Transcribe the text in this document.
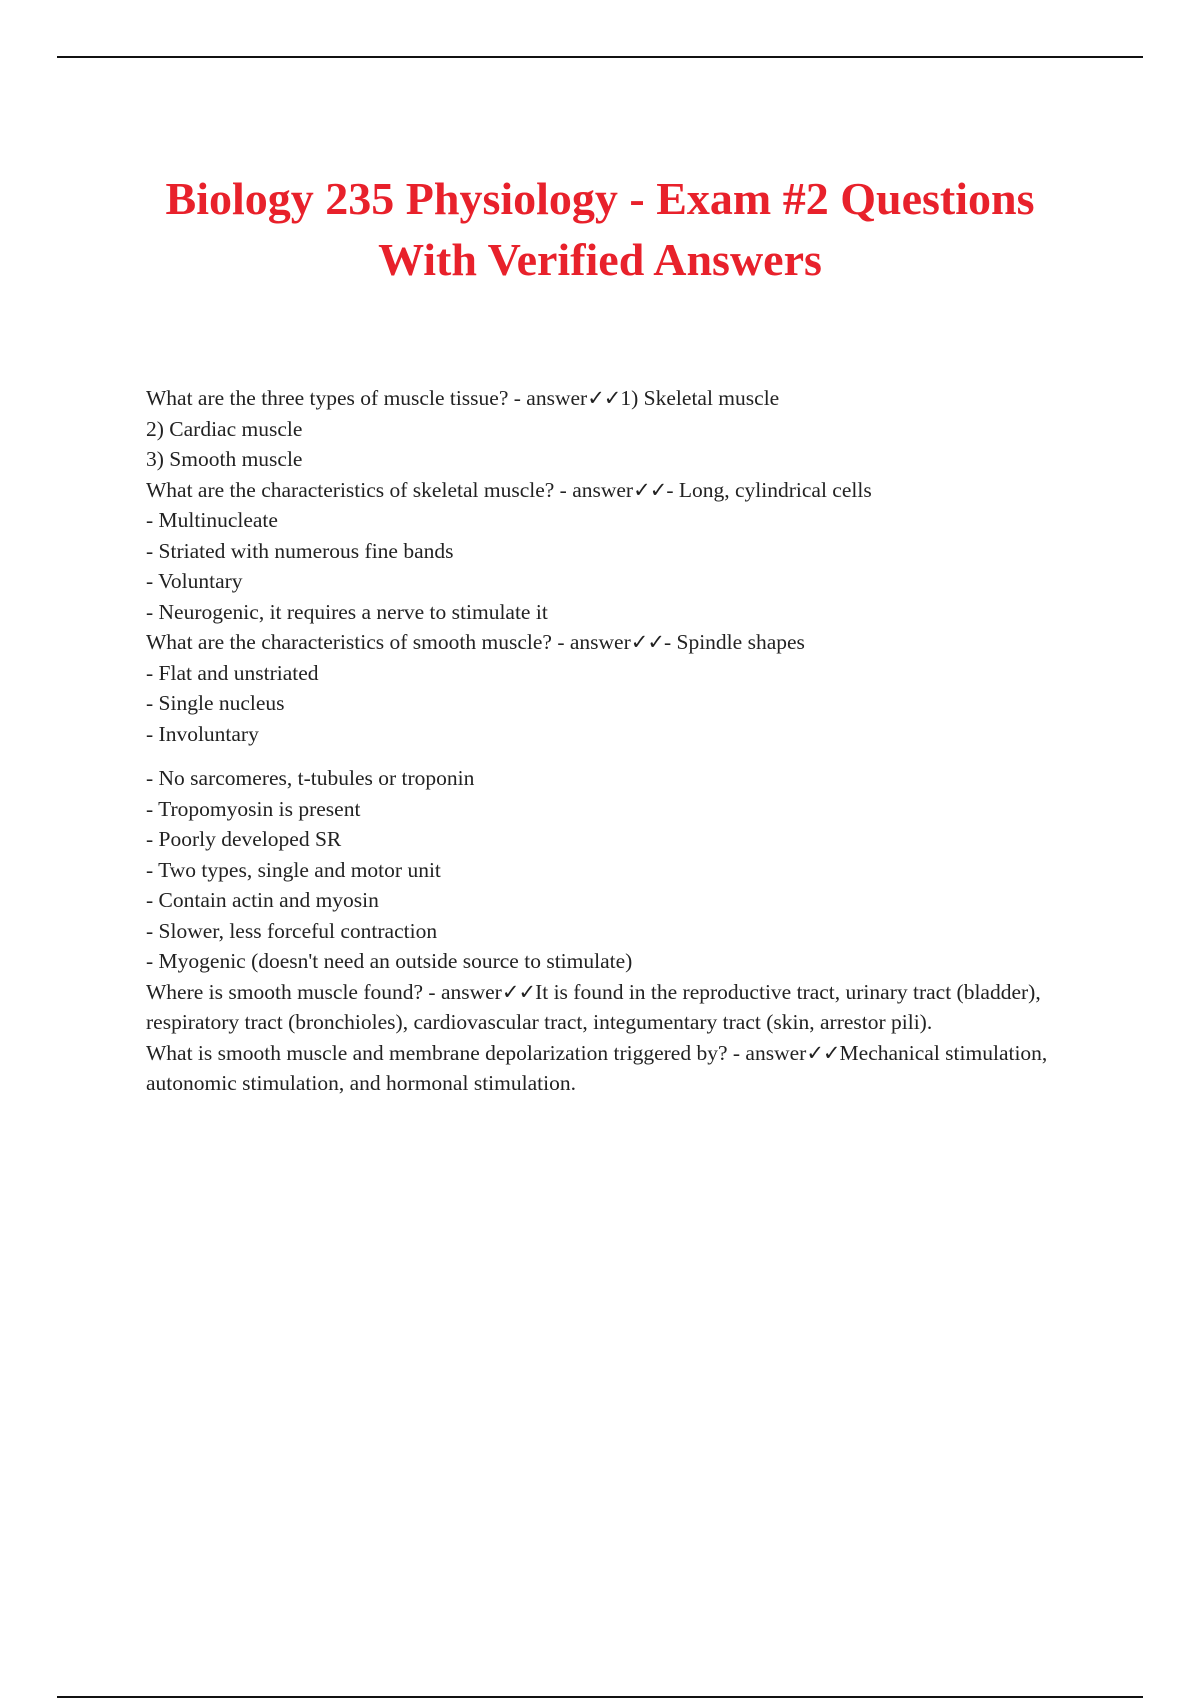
Biology 235 Physiology - Exam #2 Questions
With Verified Answers

What are the three types of muscle tissue? - answer✓✓1) Skeletal muscle

2) Cardiac muscle

3) Smooth muscle

What are the characteristics of skeletal muscle? - answer✓✓- Long, cylindrical cells

- Multinucleate

- Striated with numerous fine bands

- Voluntary

- Neurogenic, it requires a nerve to stimulate it

What are the characteristics of smooth muscle? - answer✓✓- Spindle shapes

- Flat and unstriated

- Single nucleus

- Involuntary

- No sarcomeres, t-tubules or troponin

- Tropomyosin is present

- Poorly developed SR

- Two types, single and motor unit

- Contain actin and myosin

- Slower, less forceful contraction

- Myogenic (doesn't need an outside source to stimulate)

Where is smooth muscle found? - answer✓✓It is found in the reproductive tract, urinary tract (bladder), respiratory tract (bronchioles), cardiovascular tract, integumentary tract (skin, arrestor pili).

What is smooth muscle and membrane depolarization triggered by? - answer✓✓Mechanical stimulation, autonomic stimulation, and hormonal stimulation.
